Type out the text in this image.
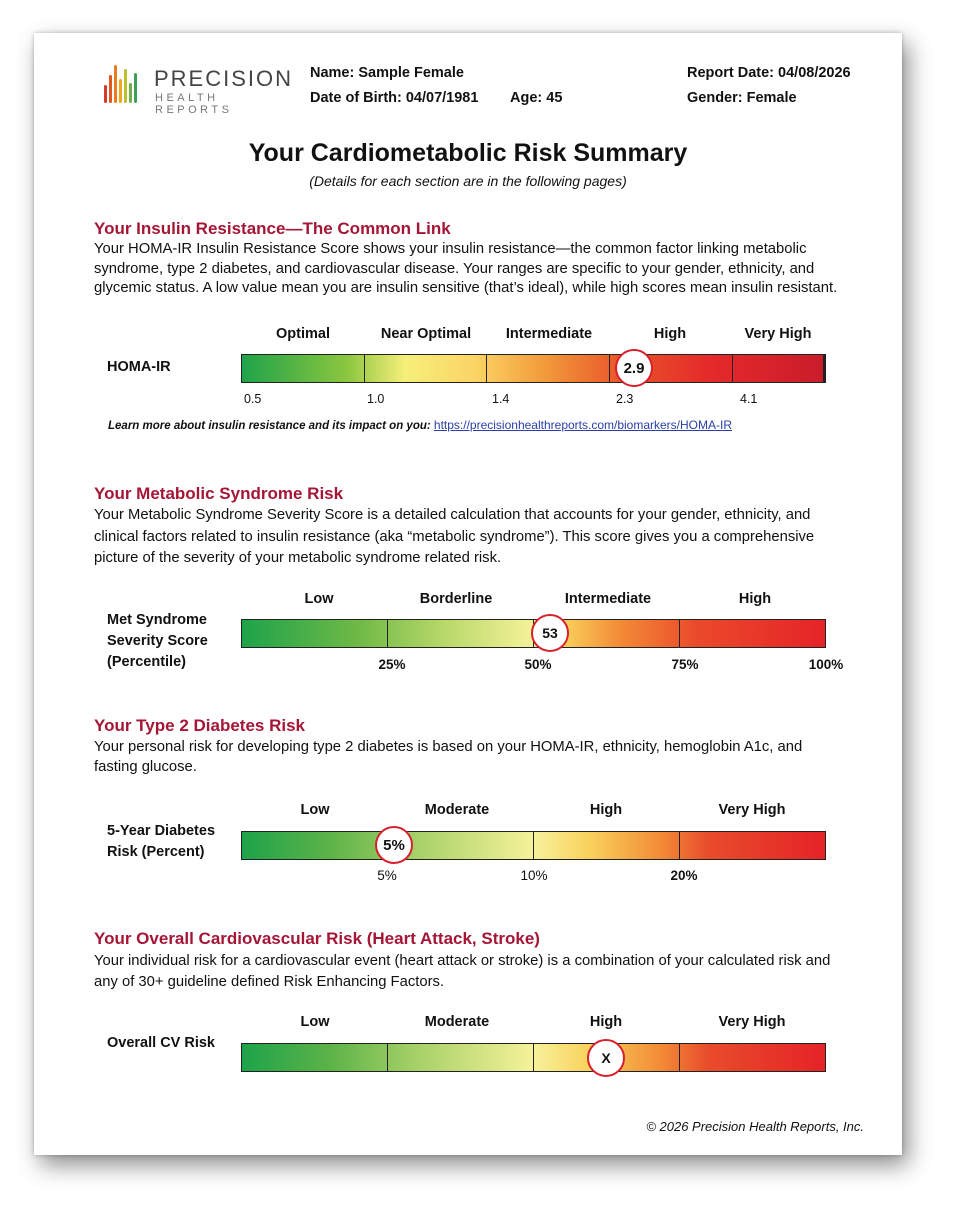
PRECISION
HEALTH REPORTS
Name: Sample Female
Date of Birth: 04/07/1981 Age: 45
Report Date: 04/08/2026
Gender: Female
Your Cardiometabolic Risk Summary
(Details for each section are in the following pages)
Your Insulin Resistance—The Common Link
Your HOMA-IR Insulin Resistance Score shows your insulin resistance—the common factor linking metabolic syndrome, type 2 diabetes, and cardiovascular disease. Your ranges are specific to your gender, ethnicity, and glycemic status. A low value mean you are insulin sensitive (that’s ideal), while high scores mean insulin resistant.
Optimal	Near Optimal Intermediate	High	Very High
HOMA-IR	2.9
0.5	1.0	1.4	2.3	4.1
Learn more about insulin resistance and its impact on you: https://precisionhealthreports.com/biomarkers/HOMA-IR
Your Metabolic Syndrome Risk
Your Metabolic Syndrome Severity Score is a detailed calculation that accounts for your gender, ethnicity, and clinical factors related to insulin resistance (aka “metabolic syndrome”). This score gives you a comprehensive picture of the severity of your metabolic syndrome related risk.
Low	Borderline	Intermediate	High
Met Syndrome
Severity Score
(Percentile)
53
25%	50%	75%	100%
Your Type 2 Diabetes Risk
Your personal risk for developing type 2 diabetes is based on your HOMA-IR, ethnicity, hemoglobin A1c, and fasting glucose.
Low	Moderate	High	Very High
5-Year Diabetes
Risk (Percent)	5%
5%	10%	20%
Your Overall Cardiovascular Risk (Heart Attack, Stroke)
Your individual risk for a cardiovascular event (heart attack or stroke) is a combination of your calculated risk and any of 30+ guideline defined Risk Enhancing Factors.
Low	Moderate	High	Very High
Overall CV Risk
X
© 2026 Precision Health Reports, Inc.
